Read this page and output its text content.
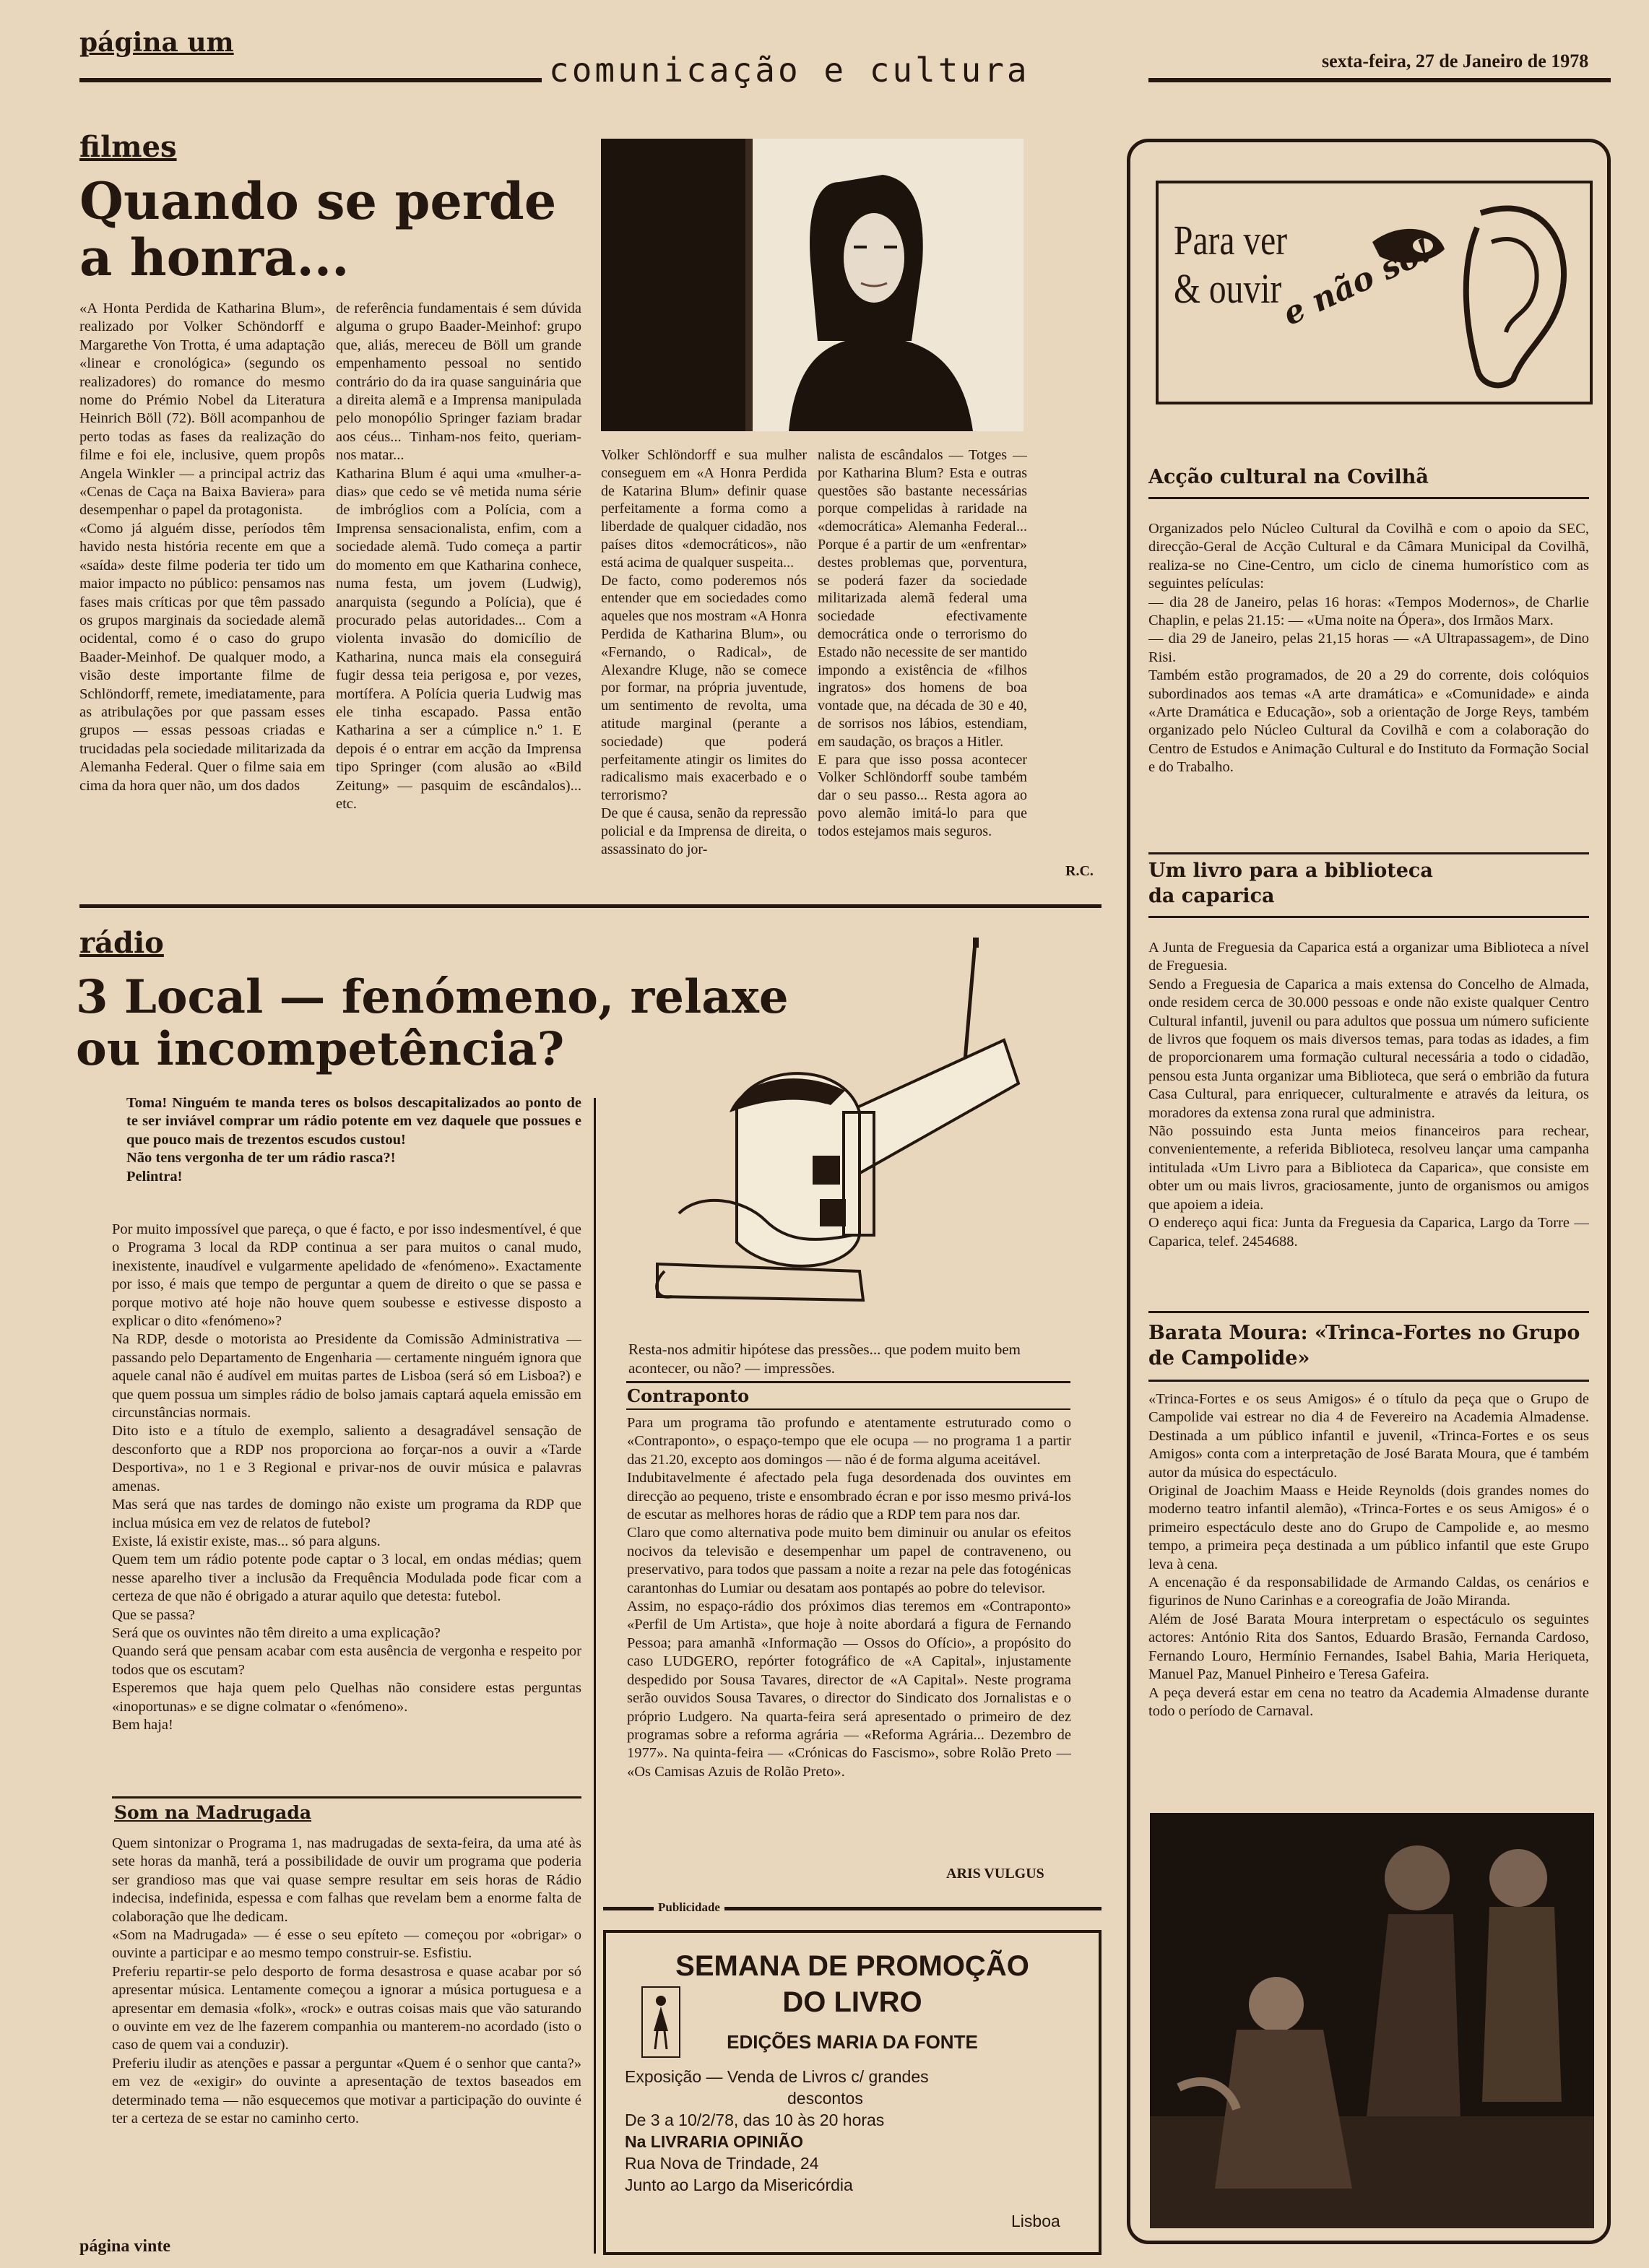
página um
comunicação e cultura	sexta-feira, 27 de Janeiro de 1978
filmes
Quando se perde
a honra...
«A Honta Perdida de Katharina Blum», realizado por Volker Schöndorff e Margarethe Von Trotta, é uma adaptação «linear e cronológica» (segundo os realizadores) do romance do mesmo nome do Prémio Nobel da Literatura Heinrich Böll (72). Böll acompanhou de perto todas as fases da realização do filme e foi ele, inclusive, quem propôs Angela Winkler — a principal actriz das «Cenas de Caça na Baixa Baviera» para desempenhar o papel da protagonista.
«Como já alguém disse, períodos têm havido nesta história recente em que a «saída» deste filme poderia ter tido um maior impacto no público: pensamos nas fases mais críticas por que têm passado os grupos marginais da sociedade alemã ocidental, como é o caso do grupo Baader-Meinhof. De qualquer modo, a visão deste importante filme de Schlöndorff, remete, imediatamente, para as atribulações por que passam esses grupos — essas pessoas criadas e trucidadas pela sociedade militarizada da Alemanha Federal. Quer o filme saia em cima da hora quer não, um dos dados
de referência fundamentais é sem dúvida alguma o grupo Baader-Meinhof: grupo que, aliás, mereceu de Böll um grande empenhamento pessoal no sentido contrário do da ira quase sanguinária que a direita alemã e a Imprensa manipulada pelo monopólio Springer faziam bradar aos céus... Tinham-nos feito, queriam-nos matar...
Katharina Blum é aqui uma «mulher-a-dias» que cedo se vê metida numa série de imbróglios com a Polícia, com a Imprensa sensacionalista, enfim, com a sociedade alemã. Tudo começa a partir do momento em que Katharina conhece, numa festa, um jovem (Ludwig), anarquista (segundo a Polícia), que é procurado pelas autoridades... Com a violenta invasão do domicílio de Katharina, nunca mais ela conseguirá fugir dessa teia perigosa e, por vezes, mortífera. A Polícia queria Ludwig mas ele tinha escapado. Passa então Katharina a ser a cúmplice n.º 1. E depois é o entrar em acção da Imprensa tipo Springer (com alusão ao «Bild Zeitung» — pasquim de escândalos)... etc.
Volker Schlöndorff e sua mulher conseguem em «A Honra Perdida de Katarina Blum» definir quase perfeitamente a forma como a liberdade de qualquer cidadão, nos países ditos «democráticos», não está acima de qualquer suspeita...
De facto, como poderemos nós entender que em sociedades como aqueles que nos mostram «A Honra Perdida de Katharina Blum», ou «Fernando, o Radical», de Alexandre Kluge, não se comece por formar, na própria juventude, um sentimento de revolta, uma atitude marginal (perante a sociedade) que poderá perfeitamente atingir os limites do radicalismo mais exacerbado e o terrorismo?
De que é causa, senão da repressão policial e da Imprensa de direita, o assassinato do jor-
nalista de escândalos — Totges — por Katharina Blum? Esta e outras questões são bastante necessárias porque compelidas à raridade na «democrática» Alemanha Federal... Porque é a partir de um «enfrentar» destes problemas que, porventura, se poderá fazer da sociedade militarizada alemã federal uma sociedade efectivamente democrática onde o terrorismo do Estado não necessite de ser mantido impondo a existência de «filhos ingratos» dos homens de boa vontade que, na década de 30 e 40, de sorrisos nos lábios, estendiam, em saudação, os braços a Hitler.
E para que isso possa acontecer Volker Schlöndorff soube também dar o seu passo... Resta agora ao povo alemão imitá-lo para que todos estejamos mais seguros.
R.C.
rádio
3 Local — fenómeno, relaxe
ou incompetência?
Toma! Ninguém te manda teres os bolsos descapitalizados ao ponto de te ser inviável comprar um rádio potente em vez daquele que possues e que pouco mais de trezentos escudos custou!
Não tens vergonha de ter um rádio rasca?!
Pelintra!
Por muito impossível que pareça, o que é facto, e por isso indesmentível, é que o Programa 3 local da RDP continua a ser para muitos o canal mudo, inexistente, inaudível e vulgarmente apelidado de «fenómeno». Exactamente por isso, é mais que tempo de perguntar a quem de direito o que se passa e porque motivo até hoje não houve quem soubesse e estivesse disposto a explicar o dito «fenómeno»?
Na RDP, desde o motorista ao Presidente da Comissão Administrativa — passando pelo Departamento de Engenharia — certamente ninguém ignora que aquele canal não é audível em muitas partes de Lisboa (será só em Lisboa?) e que quem possua um simples rádio de bolso jamais captará aquela emissão em circunstâncias normais.
Dito isto e a título de exemplo, saliento a desagradável sensação de desconforto que a RDP nos proporciona ao forçar-nos a ouvir a «Tarde Desportiva», no 1 e 3 Regional e privar-nos de ouvir música e palavras amenas.
Mas será que nas tardes de domingo não existe um programa da RDP que inclua música em vez de relatos de futebol?
Existe, lá existir existe, mas... só para alguns.
Quem tem um rádio potente pode captar o 3 local, em ondas médias; quem nesse aparelho tiver a inclusão da Frequência Modulada pode ficar com a certeza de que não é obrigado a aturar aquilo que detesta: futebol.
Que se passa?
Será que os ouvintes não têm direito a uma explicação?
Quando será que pensam acabar com esta ausência de vergonha e respeito por todos que os escutam?
Esperemos que haja quem pelo Quelhas não considere estas perguntas «inoportunas» e se digne colmatar o «fenómeno».
Bem haja!
Som na Madrugada
Quem sintonizar o Programa 1, nas madrugadas de sexta-feira, da uma até às sete horas da manhã, terá a possibilidade de ouvir um programa que poderia ser grandioso mas que vai quase sempre resultar em seis horas de Rádio indecisa, indefinida, espessa e com falhas que revelam bem a enorme falta de colaboração que lhe dedicam.
«Som na Madrugada» — é esse o seu epíteto — começou por «obrigar» o ouvinte a participar e ao mesmo tempo construir-se. Esfistiu.
Preferiu repartir-se pelo desporto de forma desastrosa e quase acabar por só apresentar música. Lentamente começou a ignorar a música portuguesa e a apresentar em demasia «folk», «rock» e outras coisas mais que vão saturando o ouvinte em vez de lhe fazerem companhia ou manterem-no acordado (isto o caso de quem vai a conduzir).
Preferiu iludir as atenções e passar a perguntar «Quem é o senhor que canta?» em vez de «exigir» do ouvinte a apresentação de textos baseados em determinado tema — não esquecemos que motivar a participação do ouvinte é ter a certeza de se estar no caminho certo.
Resta-nos admitir hipótese das pressões... que podem muito bem acontecer, ou não? — impressões.
Contraponto
Para um programa tão profundo e atentamente estruturado como o «Contraponto», o espaço-tempo que ele ocupa — no programa 1 a partir das 21.20, excepto aos domingos — não é de forma alguma aceitável.
Indubitavelmente é afectado pela fuga desordenada dos ouvintes em direcção ao pequeno, triste e ensombrado écran e por isso mesmo privá-los de escutar as melhores horas de rádio que a RDP tem para nos dar.
Claro que como alternativa pode muito bem diminuir ou anular os efeitos nocivos da televisão e desempenhar um papel de contraveneno, ou preservativo, para todos que passam a noite a rezar na pele das fotogénicas carantonhas do Lumiar ou desatam aos pontapés ao pobre do televisor.
Assim, no espaço-rádio dos próximos dias teremos em «Contraponto» «Perfil de Um Artista», que hoje à noite abordará a figura de Fernando Pessoa; para amanhã «Informação — Ossos do Ofício», a propósito do caso LUDGERO, repórter fotográfico de «A Capital», injustamente despedido por Sousa Tavares, director de «A Capital». Neste programa serão ouvidos Sousa Tavares, o director do Sindicato dos Jornalistas e o próprio Ludgero. Na quarta-feira será apresentado o primeiro de dez programas sobre a reforma agrária — «Reforma Agrária... Dezembro de 1977». Na quinta-feira — «Crónicas do Fascismo», sobre Rolão Preto — «Os Camisas Azuis de Rolão Preto».
ARIS VULGUS
Publicidade
SEMANA DE PROMOÇÃO
DO LIVRO
EDIÇÕES MARIA DA FONTE
Exposição — Venda de Livros c/ grandes
descontos
De 3 a 10/2/78, das 10 às 20 horas
Na LIVRARIA OPINIÃO
Rua Nova de Trindade, 24
Junto ao Largo da Misericórdia
Lisboa
Para ver
& ouvir
e não só!
Acção cultural na Covilhã
Organizados pelo Núcleo Cultural da Covilhã e com o apoio da SEC, direcção-Geral de Acção Cultural e da Câmara Municipal da Covilhã, realiza-se no Cine-Centro, um ciclo de cinema humorístico com as seguintes películas:
— dia 28 de Janeiro, pelas 16 horas: «Tempos Modernos», de Charlie Chaplin, e pelas 21.15: — «Uma noite na Ópera», dos Irmãos Marx.
— dia 29 de Janeiro, pelas 21,15 horas — «A Ultrapassagem», de Dino Risi.
Também estão programados, de 20 a 29 do corrente, dois colóquios subordinados aos temas «A arte dramática» e «Comunidade» e ainda «Arte Dramática e Educação», sob a orientação de Jorge Reys, também organizado pelo Núcleo Cultural da Covilhã e com a colaboração do Centro de Estudos e Animação Cultural e do Instituto da Formação Social e do Trabalho.
Um livro para a biblioteca
da caparica
A Junta de Freguesia da Caparica está a organizar uma Biblioteca a nível de Freguesia.
Sendo a Freguesia de Caparica a mais extensa do Concelho de Almada, onde residem cerca de 30.000 pessoas e onde não existe qualquer Centro Cultural infantil, juvenil ou para adultos que possua um número suficiente de livros que foquem os mais diversos temas, para todas as idades, a fim de proporcionarem uma formação cultural necessária a todo o cidadão, pensou esta Junta organizar uma Biblioteca, que será o embrião da futura Casa Cultural, para enriquecer, culturalmente e através da leitura, os moradores da extensa zona rural que administra.
Não possuindo esta Junta meios financeiros para rechear, convenientemente, a referida Biblioteca, resolveu lançar uma campanha intitulada «Um Livro para a Biblioteca da Caparica», que consiste em obter um ou mais livros, graciosamente, junto de organismos ou amigos que apoiem a ideia.
O endereço aqui fica: Junta da Freguesia da Caparica, Largo da Torre — Caparica, telef. 2454688.
Barata Moura: «Trinca-Fortes no Grupo
de Campolide»
«Trinca-Fortes e os seus Amigos» é o título da peça que o Grupo de Campolide vai estrear no dia 4 de Fevereiro na Academia Almadense. Destinada a um público infantil e juvenil, «Trinca-Fortes e os seus Amigos» conta com a interpretação de José Barata Moura, que é também autor da música do espectáculo.
Original de Joachim Maass e Heide Reynolds (dois grandes nomes do moderno teatro infantil alemão), «Trinca-Fortes e os seus Amigos» é o primeiro espectáculo deste ano do Grupo de Campolide e, ao mesmo tempo, a primeira peça destinada a um público infantil que este Grupo leva à cena.
A encenação é da responsabilidade de Armando Caldas, os cenários e figurinos de Nuno Carinhas e a coreografia de João Miranda.
Além de José Barata Moura interpretam o espectáculo os seguintes actores: António Rita dos Santos, Eduardo Brasão, Fernanda Cardoso, Fernando Louro, Hermínio Fernandes, Isabel Bahia, Maria Heriqueta, Manuel Paz, Manuel Pinheiro e Teresa Gafeira.
A peça deverá estar em cena no teatro da Academia Almadense durante todo o período de Carnaval.
página vinte
